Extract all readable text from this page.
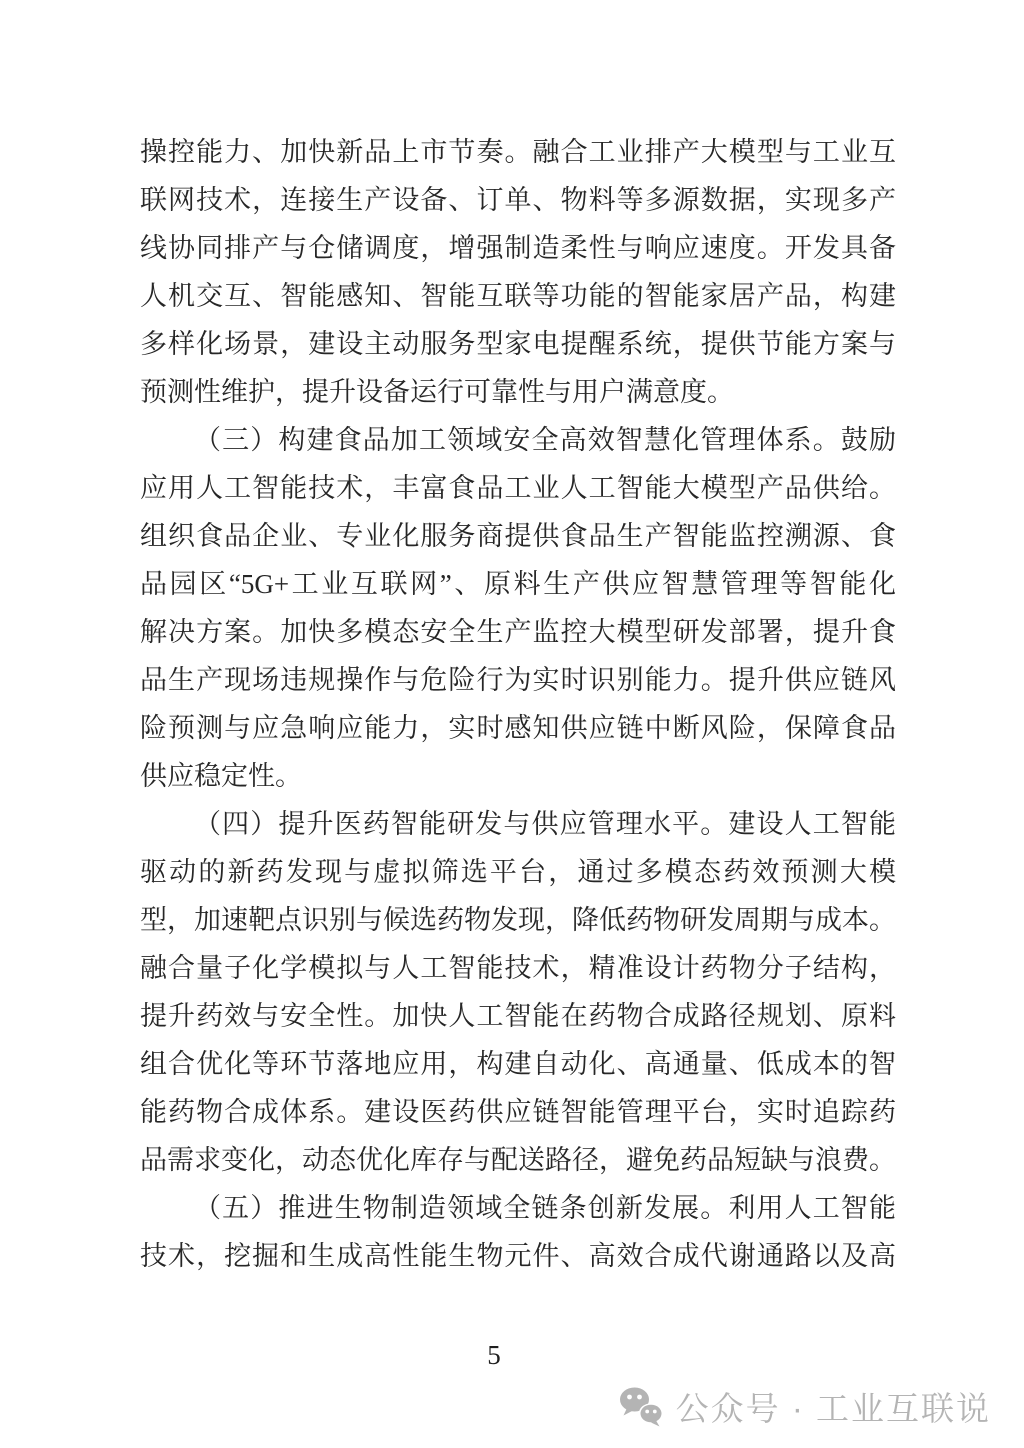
操控能力、加快新品上市节奏。融合工业排产大模型与工业互
联网技术，连接生产设备、订单、物料等多源数据，实现多产
线协同排产与仓储调度，增强制造柔性与响应速度。开发具备
人机交互、智能感知、智能互联等功能的智能家居产品，构建
多样化场景，建设主动服务型家电提醒系统，提供节能方案与
预测性维护，提升设备运行可靠性与用户满意度。
（三）构建食品加工领域安全高效智慧化管理体系。鼓励
应用人工智能技术，丰富食品工业人工智能大模型产品供给。
组织食品企业、专业化服务商提供食品生产智能监控溯源、食
品园区“5G+工业互联网”、原料生产供应智慧管理等智能化
解决方案。加快多模态安全生产监控大模型研发部署，提升食
品生产现场违规操作与危险行为实时识别能力。提升供应链风
险预测与应急响应能力，实时感知供应链中断风险，保障食品
供应稳定性。
（四）提升医药智能研发与供应管理水平。建设人工智能
驱动的新药发现与虚拟筛选平台，通过多模态药效预测大模
型，加速靶点识别与候选药物发现，降低药物研发周期与成本。
融合量子化学模拟与人工智能技术，精准设计药物分子结构，
提升药效与安全性。加快人工智能在药物合成路径规划、原料
组合优化等环节落地应用，构建自动化、高通量、低成本的智
能药物合成体系。建设医药供应链智能管理平台，实时追踪药
品需求变化，动态优化库存与配送路径，避免药品短缺与浪费。
（五）推进生物制造领域全链条创新发展。利用人工智能
技术，挖掘和生成高性能生物元件、高效合成代谢通路以及高
5
公众号 · 工业互联说
